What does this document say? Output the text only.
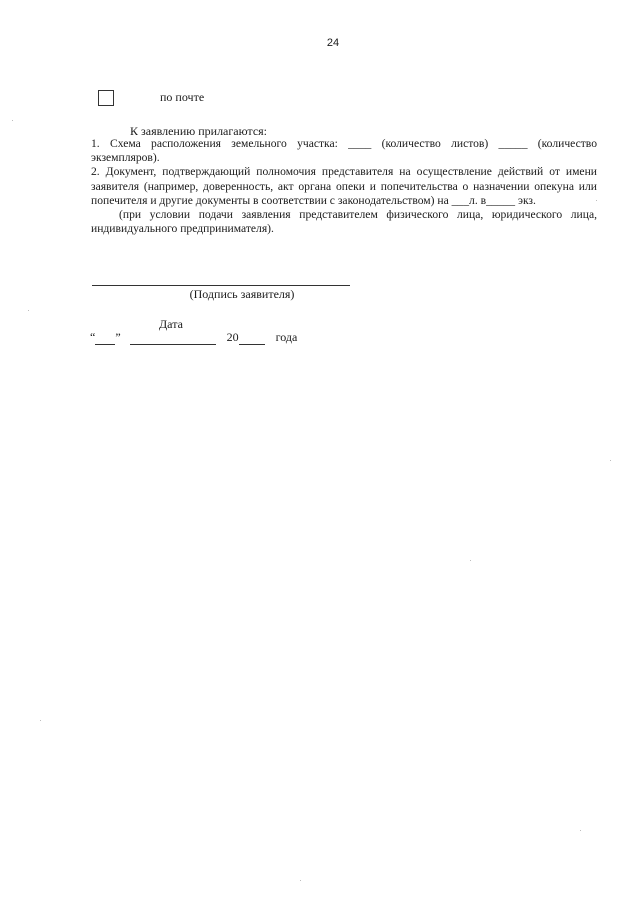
24
по почте
К заявлению прилагаются:

1. Схема расположения земельного участка: ____ (количество листов) _____ (количество экземпляров).

2. Документ, подтверждающий полномочия представителя на осуществление действий от имени заявителя (например, доверенность, акт органа опеки и попечительства о назначении опекуна или попечителя и другие документы в соответствии с законодательством) на ___л. в_____ экз.

(при условии подачи заявления представителем физического лица, юридического лица, индивидуального предпринимателя).

(Подпись заявителя)
Дата
“ ”	20	года
